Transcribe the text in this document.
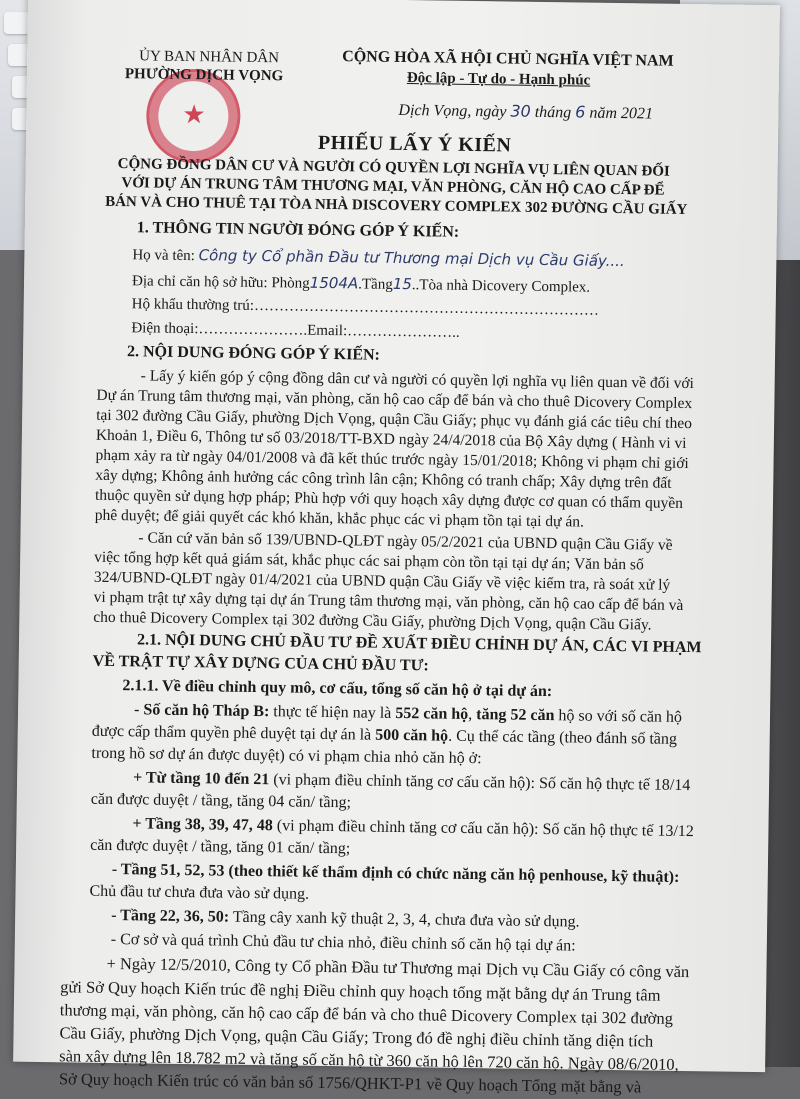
★
ỦY BAN NHÂN DÂN
PHƯỜNG DỊCH VỌNG
CỘNG HÒA XÃ HỘI CHỦ NGHĨA VIỆT NAM
Độc lập - Tự do - Hạnh phúc
Dịch Vọng, ngày 30 tháng 6 năm 2021
PHIẾU LẤY Ý KIẾN
CỘNG ĐỒNG DÂN CƯ VÀ NGƯỜI CÓ QUYỀN LỢI NGHĨA VỤ LIÊN QUAN ĐỐI
VỚI DỰ ÁN TRUNG TÂM THƯƠNG MẠI, VĂN PHÒNG, CĂN HỘ CAO CẤP ĐỂ
BÁN VÀ CHO THUÊ TẠI TÒA NHÀ DISCOVERY COMPLEX 302 ĐƯỜNG CẦU GIẤY
1. THÔNG TIN NGƯỜI ĐÓNG GÓP Ý KIẾN:
Họ và tên: Công ty Cổ phần Đầu tư Thương mại Dịch vụ Cầu Giấy....
Địa chỉ căn hộ sở hữu: Phòng1504A.Tầng15..Tòa nhà Dicovery Complex.
Hộ khẩu thường trú:……………………………………………………………
Điện thoại:………………….Email:…………………..
2. NỘI DUNG ĐÓNG GÓP Ý KIẾN:
- Lấy ý kiến góp ý cộng đồng dân cư và người có quyền lợi nghĩa vụ liên quan về đối với
Dự án Trung tâm thương mại, văn phòng, căn hộ cao cấp để bán và cho thuê Dicovery Complex
tại 302 đường Cầu Giấy, phường Dịch Vọng, quận Cầu Giấy; phục vụ đánh giá các tiêu chí theo
Khoản 1, Điều 6, Thông tư số 03/2018/TT-BXD ngày 24/4/2018 của Bộ Xây dựng ( Hành vi vi
phạm xảy ra từ ngày 04/01/2008 và đã kết thúc trước ngày 15/01/2018; Không vi phạm chỉ giới
xây dựng; Không ảnh hưởng các công trình lân cận; Không có tranh chấp; Xây dựng trên đất
thuộc quyền sử dụng hợp pháp; Phù hợp với quy hoạch xây dựng được cơ quan có thẩm quyền
phê duyệt; để giải quyết các khó khăn, khắc phục các vi phạm tồn tại tại dự án.
- Căn cứ văn bản số 139/UBND-QLĐT ngày 05/2/2021 của UBND quận Cầu Giấy về
việc tổng hợp kết quả giám sát, khắc phục các sai phạm còn tồn tại tại dự án; Văn bản số
324/UBND-QLĐT ngày 01/4/2021 của UBND quận Cầu Giấy về việc kiểm tra, rà soát xử lý
vi phạm trật tự xây dựng tại dự án Trung tâm thương mại, văn phòng, căn hộ cao cấp để bán và
cho thuê Dicovery Complex tại 302 đường Cầu Giấy, phường Dịch Vọng, quận Cầu Giấy.
2.1. NỘI DUNG CHỦ ĐẦU TƯ ĐỀ XUẤT ĐIỀU CHỈNH DỰ ÁN, CÁC VI PHẠM
VỀ TRẬT TỰ XÂY DỰNG CỦA CHỦ ĐẦU TƯ:
2.1.1. Về điều chỉnh quy mô, cơ cấu, tổng số căn hộ ở tại dự án:
- Số căn hộ Tháp B: thực tế hiện nay là 552 căn hộ, tăng 52 căn hộ so với số căn hộ
được cấp thẩm quyền phê duyệt tại dự án là 500 căn hộ. Cụ thể các tầng (theo đánh số tầng
trong hồ sơ dự án được duyệt) có vi phạm chia nhỏ căn hộ ở:
+ Từ tầng 10 đến 21 (vi phạm điều chỉnh tăng cơ cấu căn hộ): Số căn hộ thực tế 18/14
căn được duyệt / tầng, tăng 04 căn/ tầng;
+ Tầng 38, 39, 47, 48 (vi phạm điều chỉnh tăng cơ cấu căn hộ): Số căn hộ thực tế 13/12
căn được duyệt / tầng, tăng 01 căn/ tầng;
- Tầng 51, 52, 53 (theo thiết kế thẩm định có chức năng căn hộ penhouse, kỹ thuật):
Chủ đầu tư chưa đưa vào sử dụng.
- Tầng 22, 36, 50: Tầng cây xanh kỹ thuật 2, 3, 4, chưa đưa vào sử dụng.
- Cơ sở và quá trình Chủ đầu tư chia nhỏ, điều chỉnh số căn hộ tại dự án:
+ Ngày 12/5/2010, Công ty Cổ phần Đầu tư Thương mại Dịch vụ Cầu Giấy có công văn
gửi Sở Quy hoạch Kiến trúc đề nghị Điều chỉnh quy hoạch tổng mặt bằng dự án Trung tâm
thương mại, văn phòng, căn hộ cao cấp để bán và cho thuê Dicovery Complex tại 302 đường
Cầu Giấy, phường Dịch Vọng, quận Cầu Giấy; Trong đó đề nghị điều chỉnh tăng diện tích
sàn xây dựng lên 18.782 m2 và tăng số căn hộ từ 360 căn hộ lên 720 căn hộ. Ngày 08/6/2010,
Sở Quy hoạch Kiến trúc có văn bản số 1756/QHKT-P1 về Quy hoạch Tổng mặt bằng và
